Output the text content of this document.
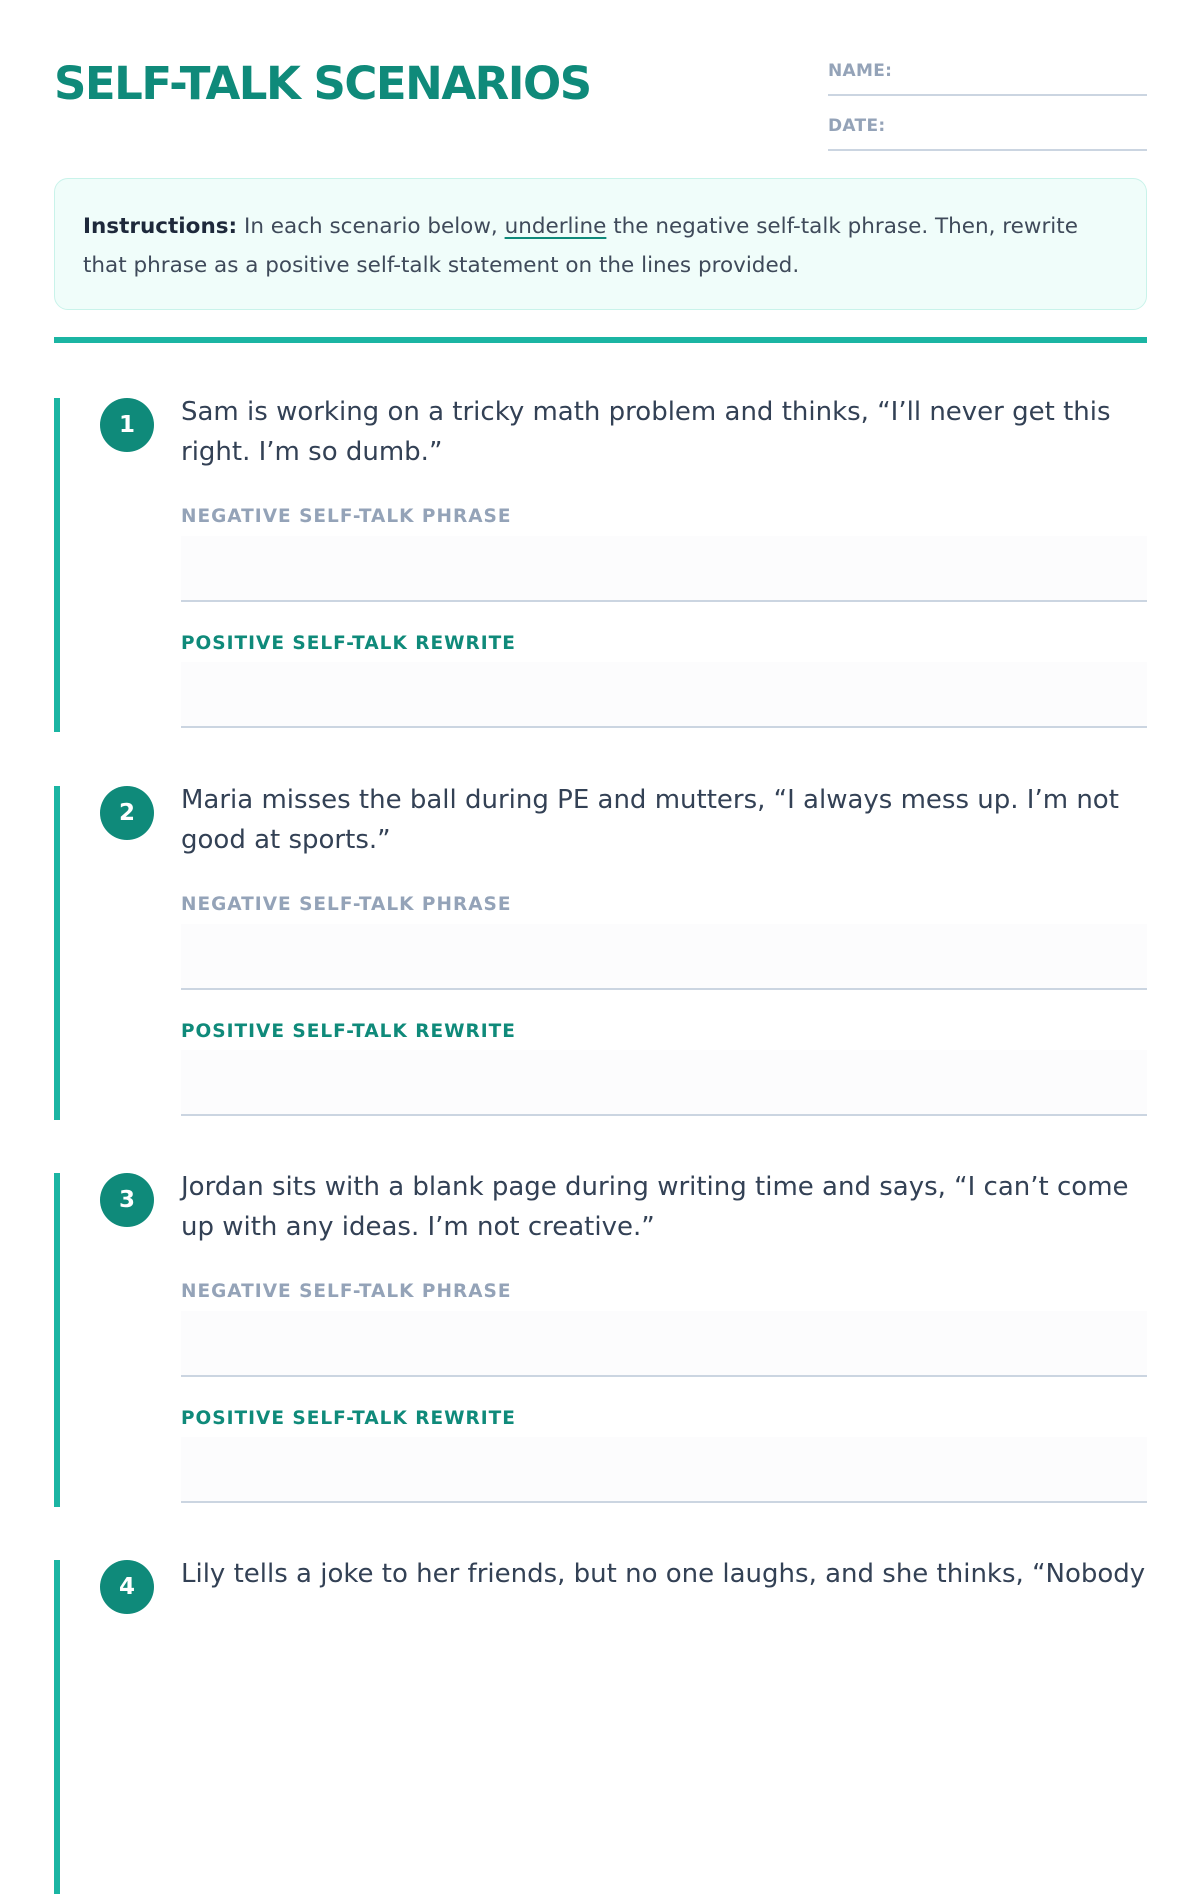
SELF-TALK SCENARIOS	NAME:
DATE:
Instructions: In each scenario below, underline the negative self-talk phrase. Then, rewrite that phrase as a positive self-talk statement on the lines provided.
1	Sam is working on a tricky math problem and thinks, “I’ll never get this right. I’m so dumb.”
NEGATIVE SELF-TALK PHRASE
POSITIVE SELF-TALK REWRITE
2	Maria misses the ball during PE and mutters, “I always mess up. I’m not good at sports.”
NEGATIVE SELF-TALK PHRASE
POSITIVE SELF-TALK REWRITE
3	Jordan sits with a blank page during writing time and says, “I can’t come up with any ideas. I’m not creative.”
NEGATIVE SELF-TALK PHRASE
POSITIVE SELF-TALK REWRITE
4	Lily tells a joke to her friends, but no one laughs, and she thinks, “Nobody
